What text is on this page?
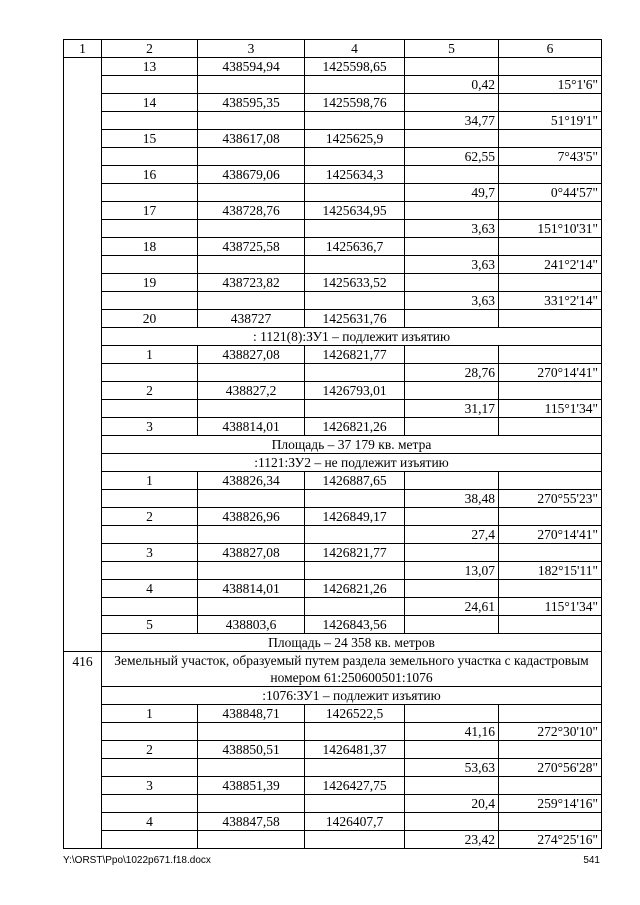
1	2	3	4	5	6
	13	438594,94	1425598,65		
				0,42	15°1'6"
	14	438595,35	1425598,76		
				34,77	51°19'1"
	15	438617,08	1425625,9		
				62,55	7°43'5"
	16	438679,06	1425634,3		
				49,7	0°44'57"
	17	438728,76	1425634,95		
				3,63	151°10'31"
	18	438725,58	1425636,7		
				3,63	241°2'14"
	19	438723,82	1425633,52		
				3,63	331°2'14"
	20	438727	1425631,76		
	: 1121(8):ЗУ1 – подлежит изъятию				
	1	438827,08	1426821,77		
				28,76	270°14'41"
	2	438827,2	1426793,01		
				31,17	115°1'34"
	3	438814,01	1426821,26		
	Площадь – 37 179 кв. метра				
	:1121:ЗУ2 – не подлежит изъятию				
	1	438826,34	1426887,65		
				38,48	270°55'23"
	2	438826,96	1426849,17		
				27,4	270°14'41"
	3	438827,08	1426821,77		
				13,07	182°15'11"
	4	438814,01	1426821,26		
				24,61	115°1'34"
	5	438803,6	1426843,56		
	Площадь – 24 358 кв. метров				
416	Земельный участок, образуемый путем раздела земельного участка с кадастровым номером 61:250600501:1076				
	:1076:ЗУ1 – подлежит изъятию				
	1	438848,71	1426522,5		
				41,16	272°30'10"
	2	438850,51	1426481,37		
				53,63	270°56'28"
	3	438851,39	1426427,75		
				20,4	259°14'16"
	4	438847,58	1426407,7		
				23,42	274°25'16"
Y:\ORST\Ppo\1022p671.f18.docx	541
